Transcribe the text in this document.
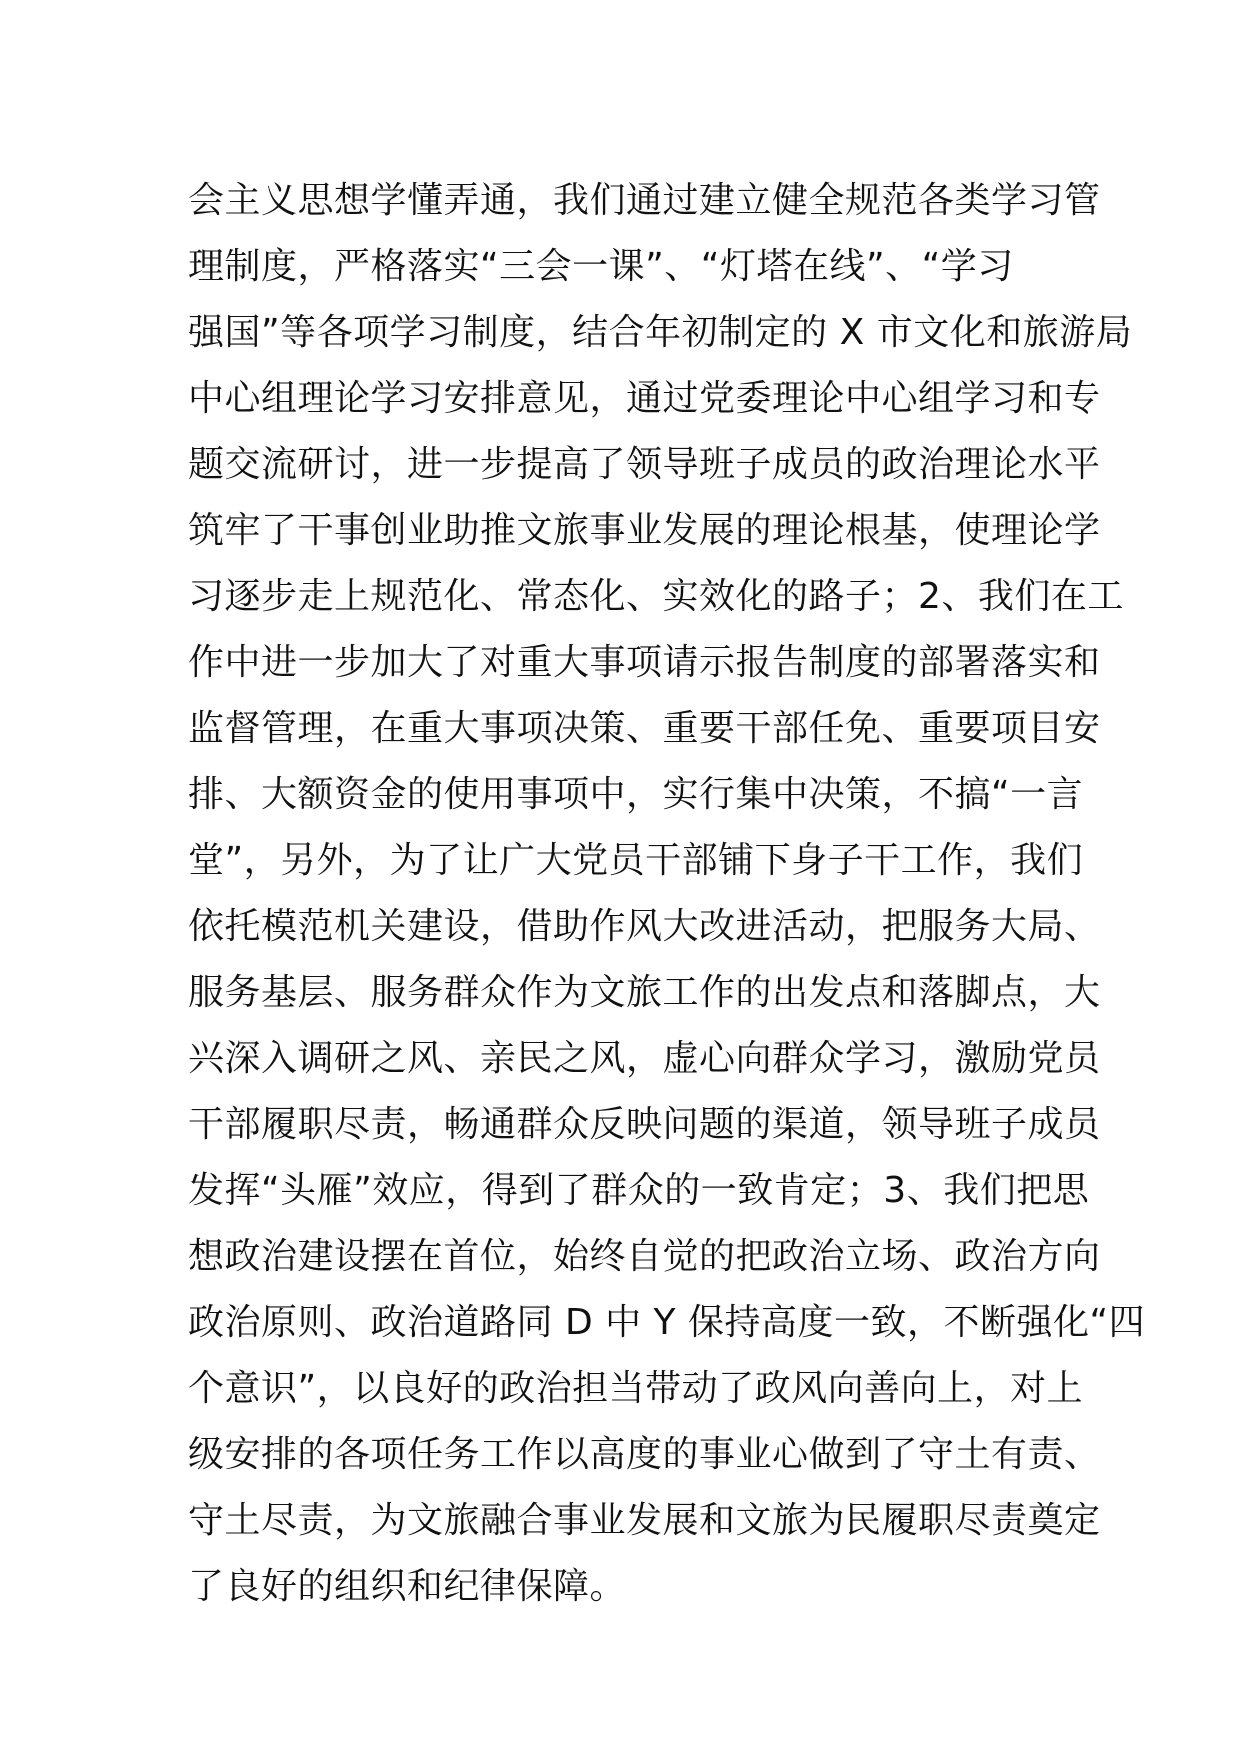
会主义思想学懂弄通，我们通过建立健全规范各类学习管
理制度，严格落实“三会一课”、“灯塔在线”、“学习
强国”等各项学习制度，结合年初制定的 X 市文化和旅游局
中心组理论学习安排意见，通过党委理论中心组学习和专
题交流研讨，进一步提高了领导班子成员的政治理论水平
筑牢了干事创业助推文旅事业发展的理论根基，使理论学
习逐步走上规范化、常态化、实效化的路子；2、我们在工
作中进一步加大了对重大事项请示报告制度的部署落实和
监督管理，在重大事项决策、重要干部任免、重要项目安
排、大额资金的使用事项中，实行集中决策，不搞“一言
堂”，另外，为了让广大党员干部铺下身子干工作，我们
依托模范机关建设，借助作风大改进活动，把服务大局、
服务基层、服务群众作为文旅工作的出发点和落脚点，大
兴深入调研之风、亲民之风，虚心向群众学习，激励党员
干部履职尽责，畅通群众反映问题的渠道，领导班子成员
发挥“头雁”效应，得到了群众的一致肯定；3、我们把思
想政治建设摆在首位，始终自觉的把政治立场、政治方向
政治原则、政治道路同 D 中 Y 保持高度一致，不断强化“四
个意识”，以良好的政治担当带动了政风向善向上，对上
级安排的各项任务工作以高度的事业心做到了守土有责、
守土尽责，为文旅融合事业发展和文旅为民履职尽责奠定
了良好的组织和纪律保障。
